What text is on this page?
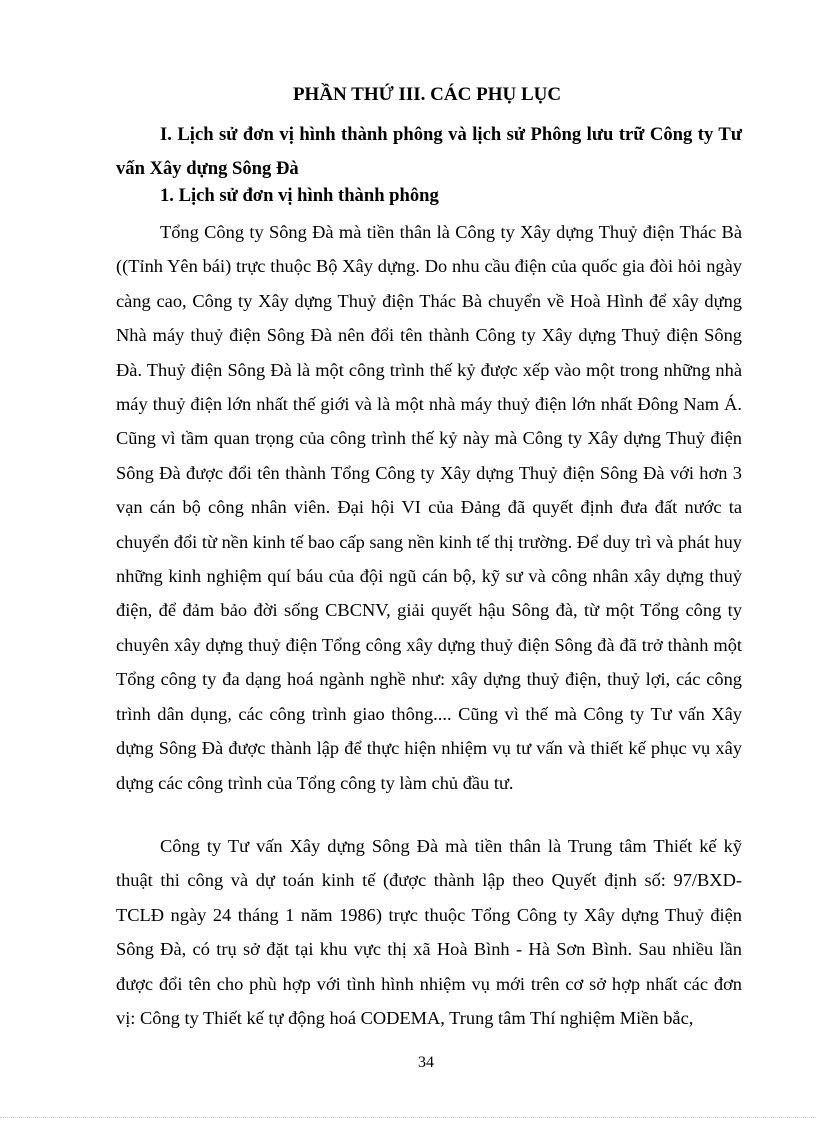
PHẦN THỨ III. CÁC PHỤ LỤC

I. Lịch sử đơn vị hình thành phông và lịch sử Phông lưu trữ Công ty Tư vấn Xây dựng Sông Đà

1. Lịch sử đơn vị hình thành phông

Tổng Công ty Sông Đà mà tiền thân là Công ty Xây dựng Thuỷ điện Thác Bà ((Tỉnh Yên bái) trực thuộc Bộ Xây dựng. Do nhu cầu điện của quốc gia đòi hỏi ngày càng cao, Công ty Xây dựng Thuỷ điện Thác Bà chuyển về Hoà Hình để xây dựng Nhà máy thuỷ điện Sông Đà nên đổi tên thành Công ty Xây dựng Thuỷ điện Sông Đà. Thuỷ điện Sông Đà là một công trình thế kỷ được xếp vào một trong những nhà máy thuỷ điện lớn nhất thế giới và là một nhà máy thuỷ điện lớn nhất Đông Nam Á. Cũng vì tầm quan trọng của công trình thế kỷ này mà Công ty Xây dựng Thuỷ điện Sông Đà được đổi tên thành Tổng Công ty Xây dựng Thuỷ điện Sông Đà với hơn 3 vạn cán bộ công nhân viên. Đại hội VI của Đảng đã quyết định đưa đất nước ta chuyển đổi từ nền kinh tế bao cấp sang nền kinh tế thị trường. Để duy trì và phát huy những kinh nghiệm quí báu của đội ngũ cán bộ, kỹ sư và công nhân xây dựng thuỷ điện, để đảm bảo đời sống CBCNV, giải quyết hậu Sông đà, từ một Tổng công ty chuyên xây dựng thuỷ điện Tổng công xây dựng thuỷ điện Sông đà đã trở thành một Tổng công ty đa dạng hoá ngành nghề như: xây dựng thuỷ điện, thuỷ lợi, các công trình dân dụng, các công trình giao thông.... Cũng vì thế mà Công ty Tư vấn Xây dựng Sông Đà được thành lập để thực hiện nhiệm vụ tư vấn và thiết kế phục vụ xây dựng các công trình của Tổng công ty làm chủ đầu tư.

Công ty Tư vấn Xây dựng Sông Đà mà tiền thân là Trung tâm Thiết kế kỹ thuật thi công và dự toán kinh tế (được thành lập theo Quyết định số: 97/BXD-TCLĐ ngày 24 tháng 1 năm 1986) trực thuộc Tổng Công ty Xây dựng Thuỷ điện Sông Đà, có trụ sở đặt tại khu vực thị xã Hoà Bình - Hà Sơn Bình. Sau nhiều lần được đổi tên cho phù hợp với tình hình nhiệm vụ mới trên cơ sở hợp nhất các đơn vị: Công ty Thiết kế tự động hoá CODEMA, Trung tâm Thí nghiệm Miền bắc,

34
